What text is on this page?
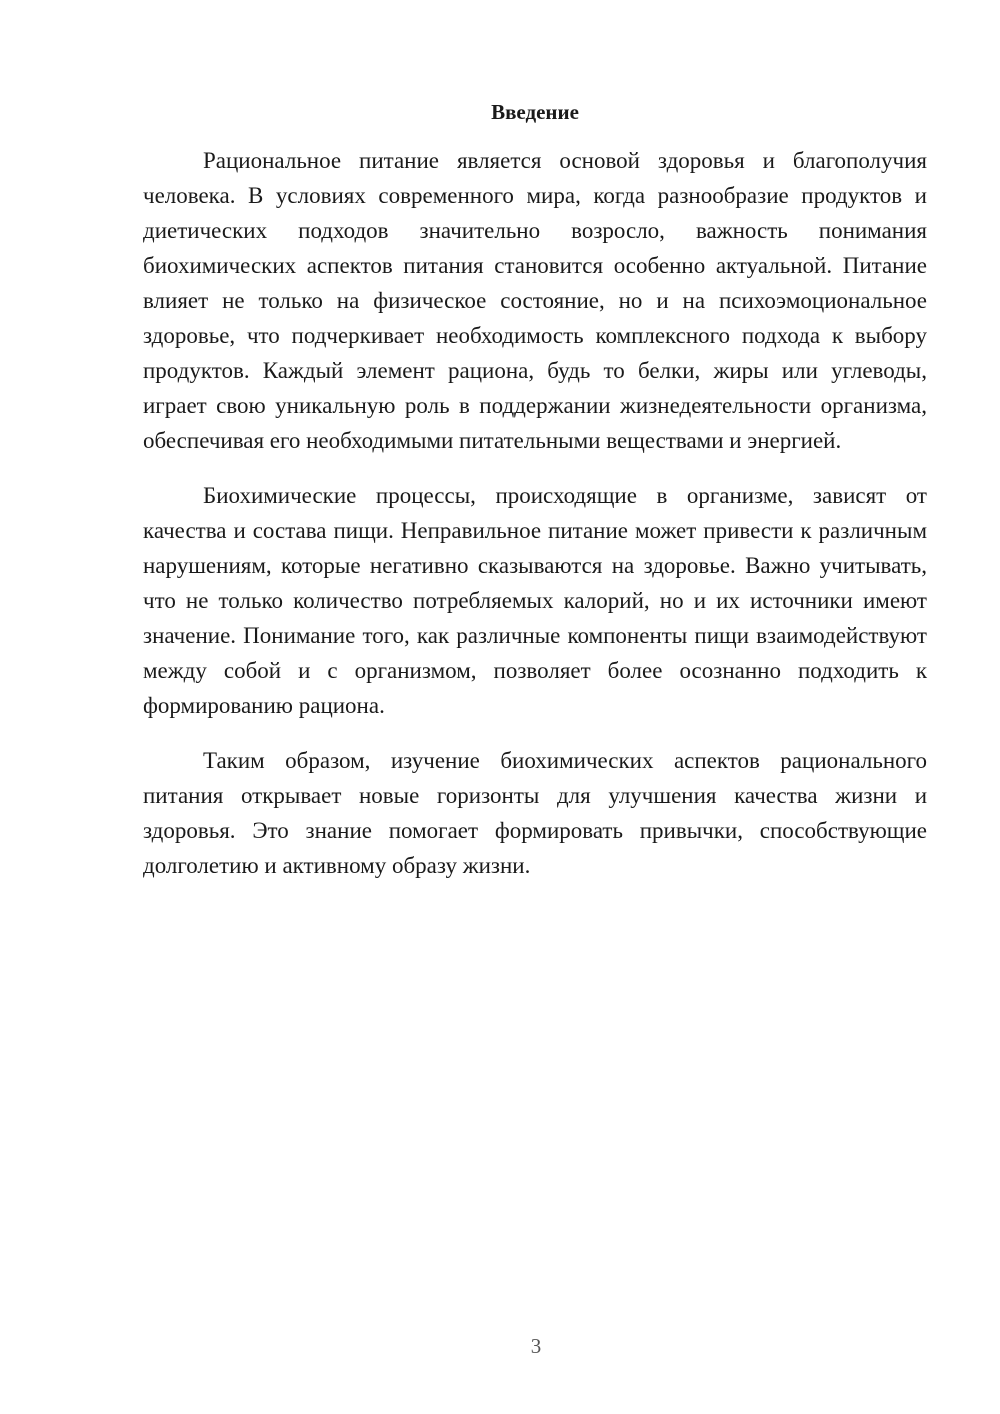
Введение

Рациональное питание является основой здоровья и благополучия человека. В условиях современного мира, когда разнообразие продуктов и диетических подходов значительно возросло, важность понимания биохимических аспектов питания становится особенно актуальной. Питание влияет не только на физическое состояние, но и на психоэмоциональное здоровье, что подчеркивает необходимость комплексного подхода к выбору продуктов. Каждый элемент рациона, будь то белки, жиры или углеводы, играет свою уникальную роль в поддержании жизнедеятельности организма, обеспечивая его необходимыми питательными веществами и энергией.

Биохимические процессы, происходящие в организме, зависят от качества и состава пищи. Неправильное питание может привести к различным нарушениям, которые негативно сказываются на здоровье. Важно учитывать, что не только количество потребляемых калорий, но и их источники имеют значение. Понимание того, как различные компоненты пищи взаимодействуют между собой и с организмом, позволяет более осознанно подходить к формированию рациона.

Таким образом, изучение биохимических аспектов рационального питания открывает новые горизонты для улучшения качества жизни и здоровья. Это знание помогает формировать привычки, способствующие долголетию и активному образу жизни.

3
